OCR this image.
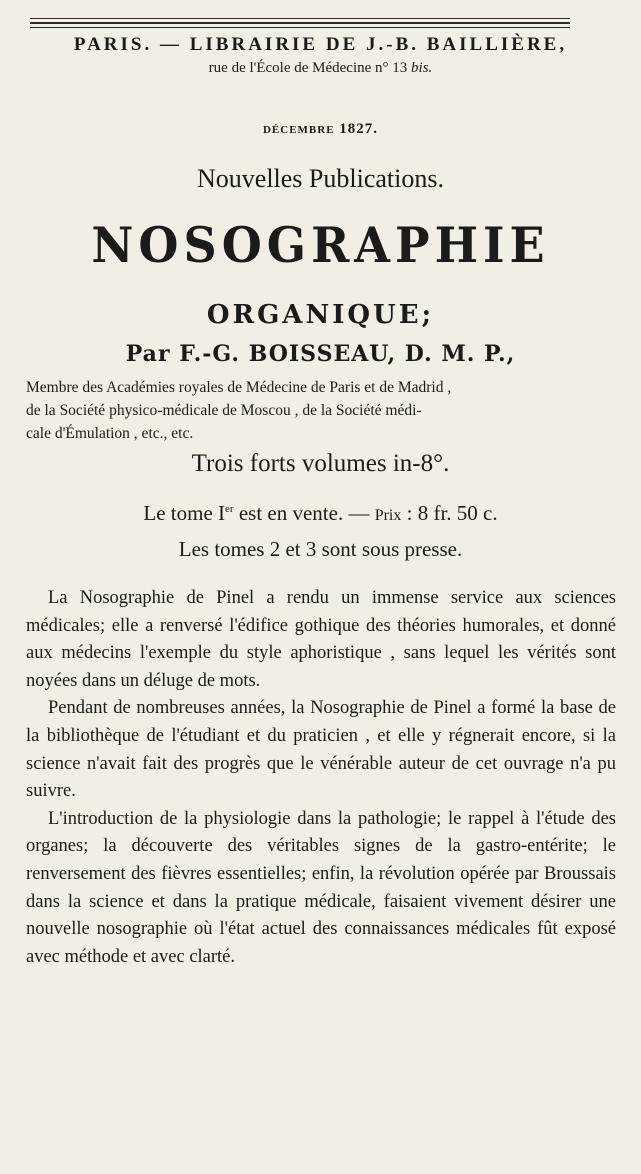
PARIS. — LIBRAIRIE DE J.-B. BAILLIÈRE,
rue de l'École de Médecine n° 13 bis.
DÉCEMBRE 1827.
Nouvelles Publications.
NOSOGRAPHIE
ORGANIQUE;
Par F.-G. BOISSEAU, D. M. P.,
Membre des Académies royales de Médecine de Paris et de Madrid ,
de la Société physico-médicale de Moscou , de la Société médi-
cale d'Émulation , etc., etc.
Trois forts volumes in-8°.
Le tome Ier est en vente. — Prix : 8 fr. 50 c.
Les tomes 2 et 3 sont sous presse.

La Nosographie de Pinel a rendu un immense service aux sciences médicales; elle a renversé l'édifice gothique des théories humorales, et donné aux médecins l'exemple du style aphoristique , sans lequel les vérités sont noyées dans un déluge de mots.

Pendant de nombreuses années, la Nosographie de Pinel a formé la base de la bibliothèque de l'étudiant et du praticien , et elle y régnerait encore, si la science n'avait fait des progrès que le vénérable auteur de cet ouvrage n'a pu suivre.

L'introduction de la physiologie dans la pathologie; le rappel à l'étude des organes; la découverte des véritables signes de la gastro-entérite; le renversement des fièvres essentielles; enfin, la révolution opérée par Broussais dans la science et dans la pratique médicale, faisaient vivement désirer une nouvelle nosographie où l'état actuel des connaissances médicales fût exposé avec méthode et avec clarté.
